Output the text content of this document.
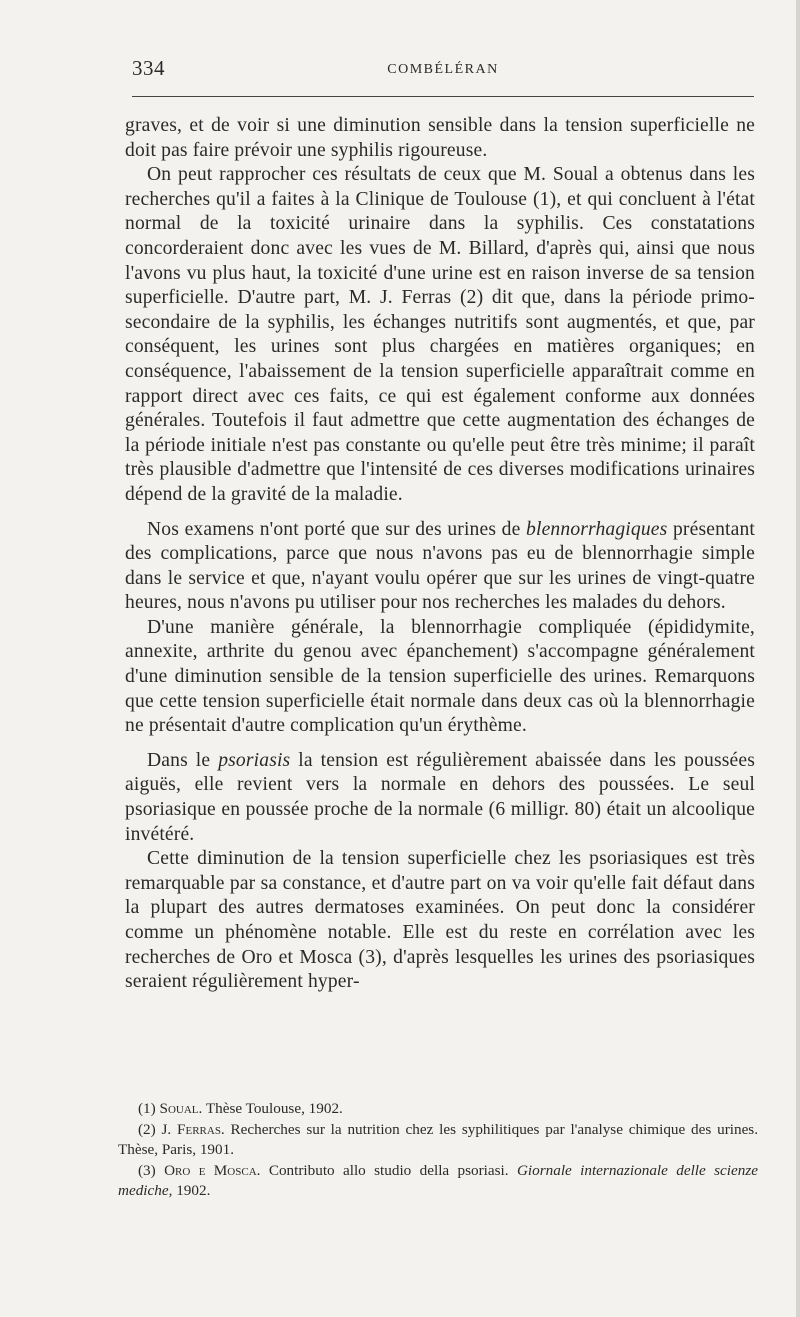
334	COMBÉLÉRAN

graves, et de voir si une diminution sensible dans la tension superficielle ne doit pas faire prévoir une syphilis rigoureuse.

On peut rapprocher ces résultats de ceux que M. Soual a obtenus dans les recherches qu'il a faites à la Clinique de Toulouse (1), et qui concluent à l'état normal de la toxicité urinaire dans la syphilis. Ces constatations concorderaient donc avec les vues de M. Billard, d'après qui, ainsi que nous l'avons vu plus haut, la toxicité d'une urine est en raison inverse de sa tension superficielle. D'autre part, M. J. Ferras (2) dit que, dans la période primo-secondaire de la syphilis, les échanges nutritifs sont augmentés, et que, par conséquent, les urines sont plus chargées en matières organiques; en conséquence, l'abaissement de la tension superficielle apparaîtrait comme en rapport direct avec ces faits, ce qui est également conforme aux données générales. Toutefois il faut admettre que cette augmentation des échanges de la période initiale n'est pas constante ou qu'elle peut être très minime; il paraît très plausible d'admettre que l'intensité de ces diverses modifications urinaires dépend de la gravité de la maladie.

Nos examens n'ont porté que sur des urines de blennorrhagiques présentant des complications, parce que nous n'avons pas eu de blennorrhagie simple dans le service et que, n'ayant voulu opérer que sur les urines de vingt-quatre heures, nous n'avons pu utiliser pour nos recherches les malades du dehors.

D'une manière générale, la blennorrhagie compliquée (épididymite, annexite, arthrite du genou avec épanchement) s'accompagne généralement d'une diminution sensible de la tension superficielle des urines. Remarquons que cette tension superficielle était normale dans deux cas où la blennorrhagie ne présentait d'autre complication qu'un érythème.

Dans le psoriasis la tension est régulièrement abaissée dans les poussées aiguës, elle revient vers la normale en dehors des poussées. Le seul psoriasique en poussée proche de la normale (6 milligr. 80) était un alcoolique invétéré.

Cette diminution de la tension superficielle chez les psoriasiques est très remarquable par sa constance, et d'autre part on va voir qu'elle fait défaut dans la plupart des autres dermatoses examinées. On peut donc la considérer comme un phénomène notable. Elle est du reste en corrélation avec les recherches de Oro et Mosca (3), d'après lesquelles les urines des psoriasiques seraient régulièrement hyper-

(1) Soual. Thèse Toulouse, 1902.

(2) J. Ferras. Recherches sur la nutrition chez les syphilitiques par l'analyse chimique des urines. Thèse, Paris, 1901.

(3) Oro e Mosca. Contributo allo studio della psoriasi. Giornale internazionale delle scienze mediche, 1902.
